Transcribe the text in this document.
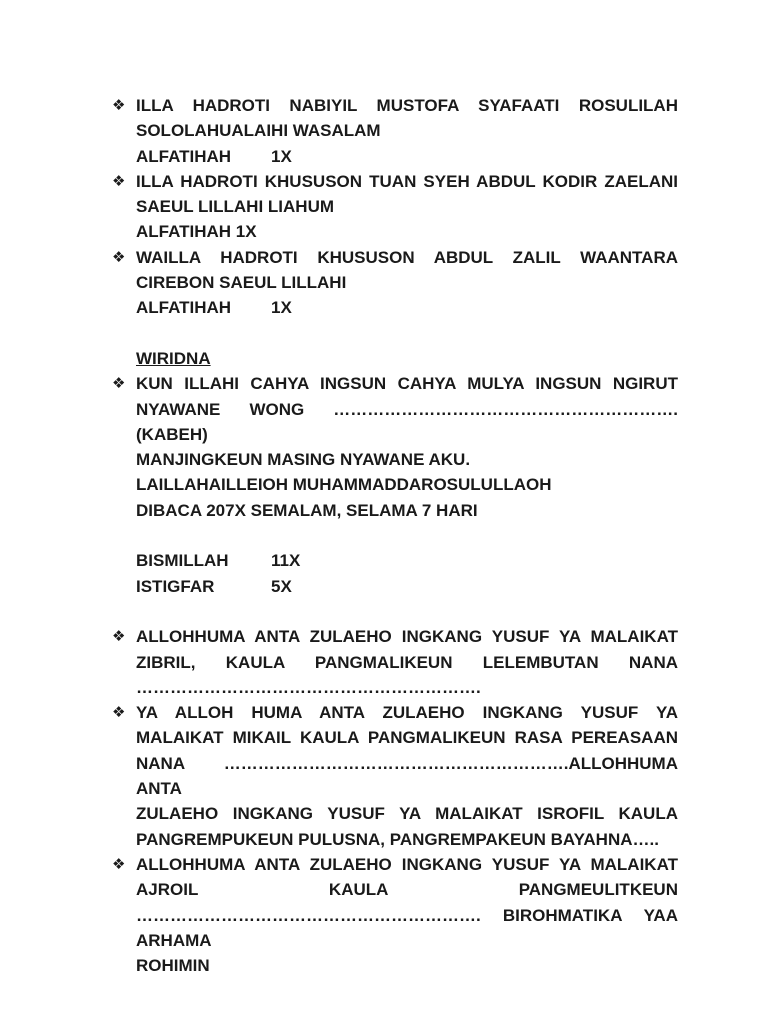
❖ ILLA HADROTI NABIYIL MUSTOFA SYAFAATI ROSULILAH
SOLOLAHUALAIHI WASALAM
ALFATIHAH	1X
❖ ILLA HADROTI KHUSUSON TUAN SYEH ABDUL KODIR ZAELANI
SAEUL LILLAHI LIAHUM
ALFATIHAH 1X
❖ WAILLA HADROTI KHUSUSON ABDUL ZALIL WAANTARA
CIREBON SAEUL LILLAHI
ALFATIHAH	1X
WIRIDNA
❖ KUN ILLAHI CAHYA INGSUN CAHYA MULYA INGSUN NGIRUT
NYAWANE WONG ……………………………………………………. (KABEH)
MANJINGKEUN MASING NYAWANE AKU.
LAILLAHAILLEIOH MUHAMMADDAROSULULLAOH
DIBACA 207X SEMALAM, SELAMA 7 HARI
BISMILLAH	11X
ISTIGFAR	5X
❖ ALLOHHUMA ANTA ZULAEHO INGKANG YUSUF YA MALAIKAT
ZIBRIL, KAULA PANGMALIKEUN LELEMBUTAN NANA
…………………………………………………….
❖ YA ALLOH HUMA ANTA ZULAEHO INGKANG YUSUF YA
MALAIKAT MIKAIL KAULA PANGMALIKEUN RASA PEREASAAN
NANA …………………………………………………….ALLOHHUMA ANTA
ZULAEHO INGKANG YUSUF YA MALAIKAT ISROFIL KAULA
PANGREMPUKEUN PULUSNA, PANGREMPAKEUN BAYAHNA…..
❖ ALLOHHUMA ANTA ZULAEHO INGKANG YUSUF YA MALAIKAT
AJROIL KAULA PANGMEULITKEUN
……………………………………………………. BIROHMATIKA YAA ARHAMA
ROHIMIN
